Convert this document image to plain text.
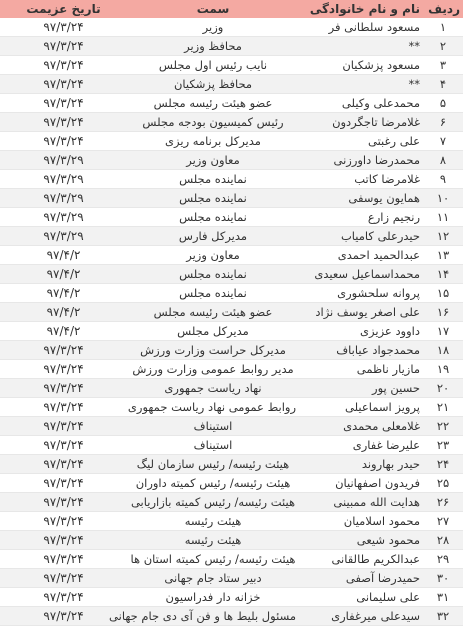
ردیف	نام و نام خانوادگی	سمت	تاریخ عزیمت
۱	مسعود سلطانی فر	وزیر	۹۷/۳/۲۴
۲	**	محافظ وزیر	۹۷/۳/۲۴
۳	مسعود پزشکیان	نایب رئیس اول مجلس	۹۷/۳/۲۴
۴	**	محافظ پزشکیان	۹۷/۳/۲۴
۵	محمدعلی وکیلی	عضو هیئت رئیسه مجلس	۹۷/۳/۲۴
۶	غلامرضا تاجگردون	رئیس کمیسیون بودجه مجلس	۹۷/۳/۲۴
۷	علی رغبتی	مدیرکل برنامه ریزی	۹۷/۳/۲۴
۸	محمدرضا داورزنی	معاون وزیر	۹۷/۳/۲۹
۹	غلامرضا کاتب	نماینده مجلس	۹۷/۳/۲۹
۱۰	همایون یوسفی	نماینده مجلس	۹۷/۳/۲۹
۱۱	رنجیم زارع	نماینده مجلس	۹۷/۳/۲۹
۱۲	حیدرعلی کامیاب	مدیرکل فارس	۹۷/۳/۲۹
۱۳	عبدالحمید احمدی	معاون وزیر	۹۷/۴/۲
۱۴	محمداسماعیل سعیدی	نماینده مجلس	۹۷/۴/۲
۱۵	پروانه سلحشوری	نماینده مجلس	۹۷/۴/۲
۱۶	علی اصغر یوسف نژاد	عضو هیئت رئیسه مجلس	۹۷/۴/۲
۱۷	داوود عزیزی	مدیرکل مجلس	۹۷/۴/۲
۱۸	محمدجواد عیاباف	مدیرکل حراست وزارت ورزش	۹۷/۳/۲۴
۱۹	مازیار ناظمی	مدیر روابط عمومی وزارت ورزش	۹۷/۳/۲۴
۲۰	حسین پور	نهاد ریاست جمهوری	۹۷/۳/۲۴
۲۱	پرویز اسماعیلی	روابط عمومی نهاد ریاست جمهوری	۹۷/۳/۲۴
۲۲	غلامعلی محمدی	استیناف	۹۷/۳/۲۴
۲۳	علیرضا غفاری	استیناف	۹۷/۳/۲۴
۲۴	حیدر بهاروند	هیئت رئیسه/ رئیس سازمان لیگ	۹۷/۳/۲۴
۲۵	فریدون اصفهانیان	هیئت رئیسه/ رئیس کمیته داوران	۹۷/۳/۲۴
۲۶	هدایت الله ممبینی	هیئت رئیسه/ رئیس کمیته بازاریابی	۹۷/۳/۲۴
۲۷	محمود اسلامیان	هیئت رئیسه	۹۷/۳/۲۴
۲۸	محمود شیعی	هیئت رئیسه	۹۷/۳/۲۴
۲۹	عبدالکریم طالقانی	هیئت رئیسه/ رئیس کمیته استان ها	۹۷/۳/۲۴
۳۰	حمیدرضا آصفی	دبیر ستاد جام جهانی	۹۷/۳/۲۴
۳۱	علی سلیمانی	خزانه دار فدراسیون	۹۷/۳/۲۴
۳۲	سیدعلی میرغفاری	مسئول بلیط ها و فن آی دی جام جهانی	۹۷/۳/۲۴
